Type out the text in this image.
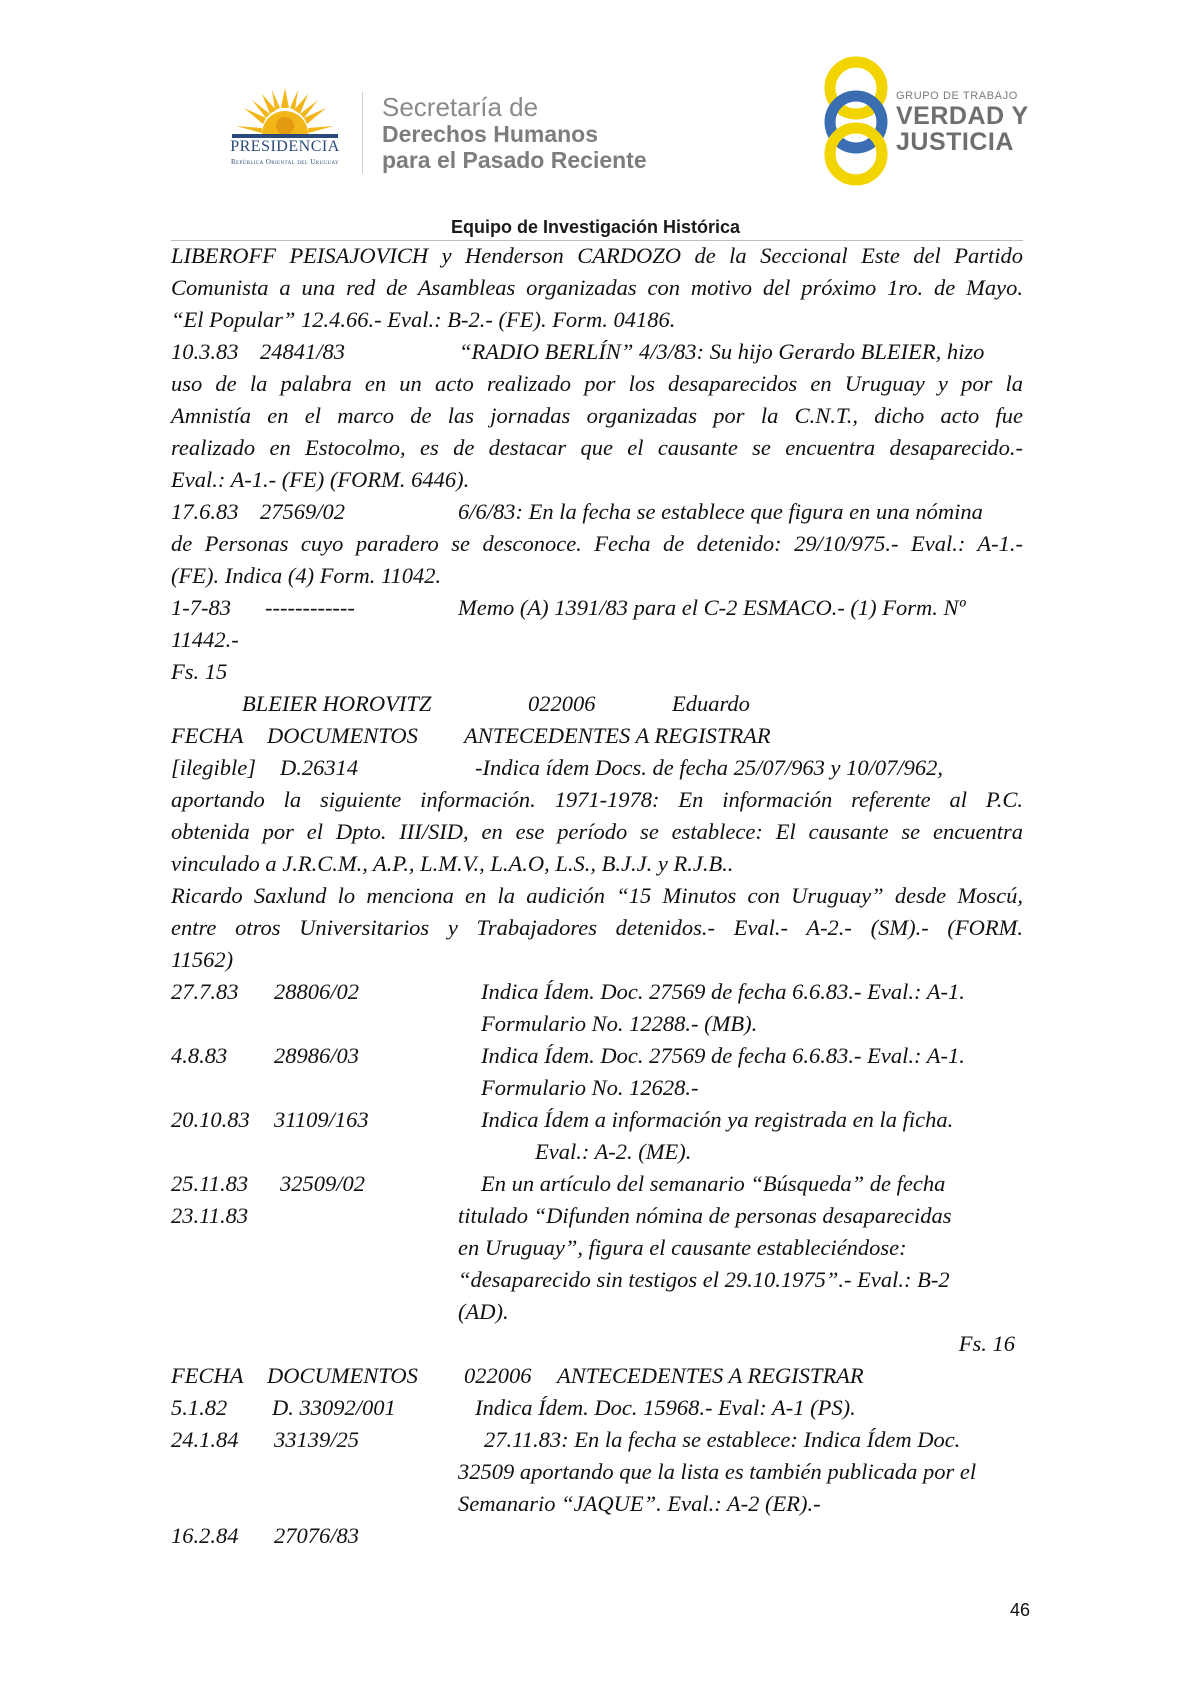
PRESIDENCIA
República Oriental del Uruguay
Secretaría de
Derechos Humanos
para el Pasado Reciente
GRUPO DE TRABAJO
VERDAD Y
JUSTICIA
Equipo de Investigación Histórica
LIBEROFF PEISAJOVICH y Henderson CARDOZO de la Seccional Este del Partido
Comunista a una red de Asambleas organizadas con motivo del próximo 1ro. de Mayo.
“El Popular” 12.4.66.- Eval.: B-2.- (FE). Form. 04186.
10.3.83 24841/83	“RADIO BERLÍN” 4/3/83: Su hijo Gerardo BLEIER, hizo
uso de la palabra en un acto realizado por los desaparecidos en Uruguay y por la
Amnistía en el marco de las jornadas organizadas por la C.N.T., dicho acto fue
realizado en Estocolmo, es de destacar que el causante se encuentra desaparecido.-
Eval.: A-1.- (FE) (FORM. 6446).
17.6.83 27569/02	6/6/83: En la fecha se establece que figura en una nómina
de Personas cuyo paradero se desconoce. Fecha de detenido: 29/10/975.- Eval.: A-1.-
(FE). Indica (4) Form. 11042.
1-7-83 ------------	Memo (A) 1391/83 para el C-2 ESMACO.- (1) Form. Nº
11442.-
Fs. 15
BLEIER HOROVITZ	022006	Eduardo
FECHA DOCUMENTOS ANTECEDENTES A REGISTRAR
[ilegible] D.26314	-Indica ídem Docs. de fecha 25/07/963 y 10/07/962,
aportando la siguiente información. 1971-1978: En información referente al P.C.
obtenida por el Dpto. III/SID, en ese período se establece: El causante se encuentra
vinculado a J.R.C.M., A.P., L.M.V., L.A.O, L.S., B.J.J. y R.J.B..
Ricardo Saxlund lo menciona en la audición “15 Minutos con Uruguay” desde Moscú,
entre otros Universitarios y Trabajadores detenidos.- Eval.- A-2.- (SM).- (FORM.
11562)
27.7.83 28806/02	Indica Ídem. Doc. 27569 de fecha 6.6.83.- Eval.: A-1.
Formulario No. 12288.- (MB).
4.8.83 28986/03	Indica Ídem. Doc. 27569 de fecha 6.6.83.- Eval.: A-1.
Formulario No. 12628.-
20.10.83 31109/163	Indica Ídem a información ya registrada en la ficha.
Eval.: A-2. (ME).
25.11.83 32509/02	En un artículo del semanario “Búsqueda” de fecha
23.11.83	titulado “Difunden nómina de personas desaparecidas
en Uruguay”, figura el causante estableciéndose:
“desaparecido sin testigos el 29.10.1975”.- Eval.: B-2
(AD).
Fs. 16
FECHA DOCUMENTOS 022006 ANTECEDENTES A REGISTRAR
5.1.82 D. 33092/001	Indica Ídem. Doc. 15968.- Eval: A-1 (PS).
24.1.84 33139/25	27.11.83: En la fecha se establece: Indica Ídem Doc.
32509 aportando que la lista es también publicada por el
Semanario “JAQUE”. Eval.: A-2 (ER).-
16.2.84 27076/83
46
